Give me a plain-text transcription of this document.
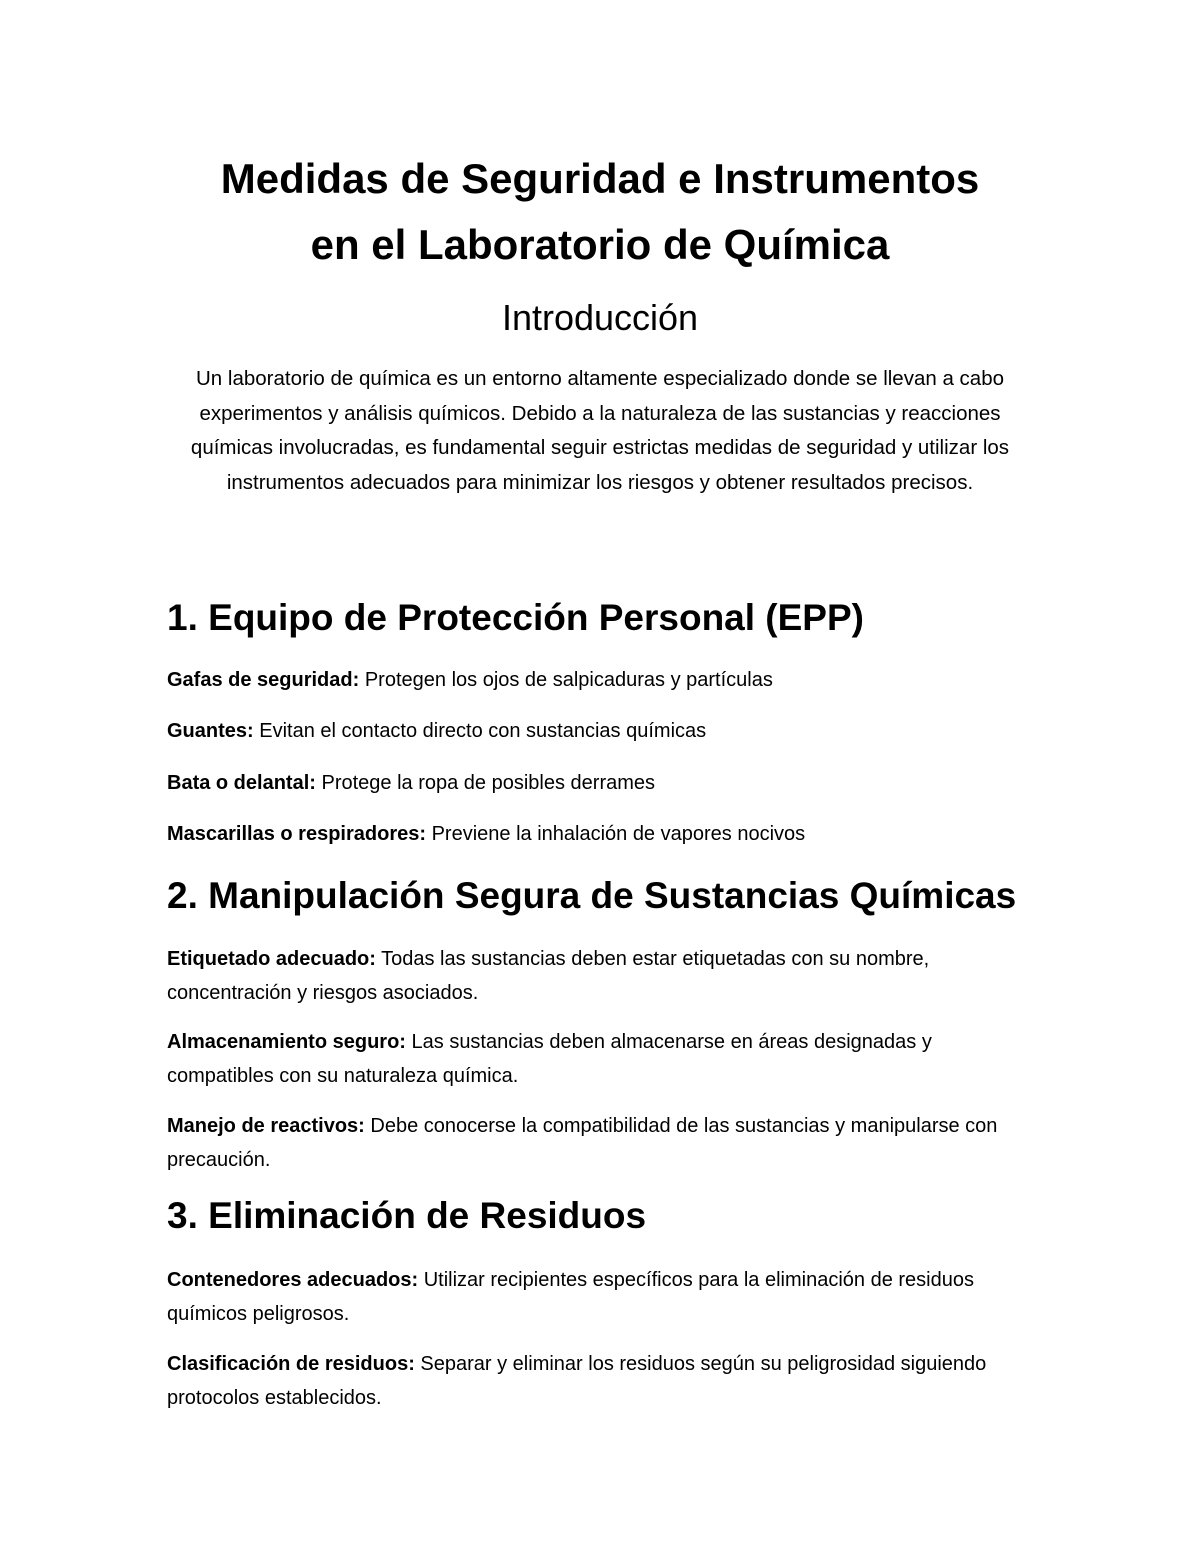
Medidas de Seguridad e Instrumentos
en el Laboratorio de Química
Introducción

Un laboratorio de química es un entorno altamente especializado donde se llevan a cabo experimentos y análisis químicos. Debido a la naturaleza de las sustancias y reacciones químicas involucradas, es fundamental seguir estrictas medidas de seguridad y utilizar los instrumentos adecuados para minimizar los riesgos y obtener resultados precisos.

1. Equipo de Protección Personal (EPP)

Gafas de seguridad: Protegen los ojos de salpicaduras y partículas

Guantes: Evitan el contacto directo con sustancias químicas

Bata o delantal: Protege la ropa de posibles derrames

Mascarillas o respiradores: Previene la inhalación de vapores nocivos

2. Manipulación Segura de Sustancias Químicas

Etiquetado adecuado: Todas las sustancias deben estar etiquetadas con su nombre, concentración y riesgos asociados.

Almacenamiento seguro: Las sustancias deben almacenarse en áreas designadas y compatibles con su naturaleza química.

Manejo de reactivos: Debe conocerse la compatibilidad de las sustancias y manipularse con precaución.

3. Eliminación de Residuos

Contenedores adecuados: Utilizar recipientes específicos para la eliminación de residuos químicos peligrosos.

Clasificación de residuos: Separar y eliminar los residuos según su peligrosidad siguiendo protocolos establecidos.
